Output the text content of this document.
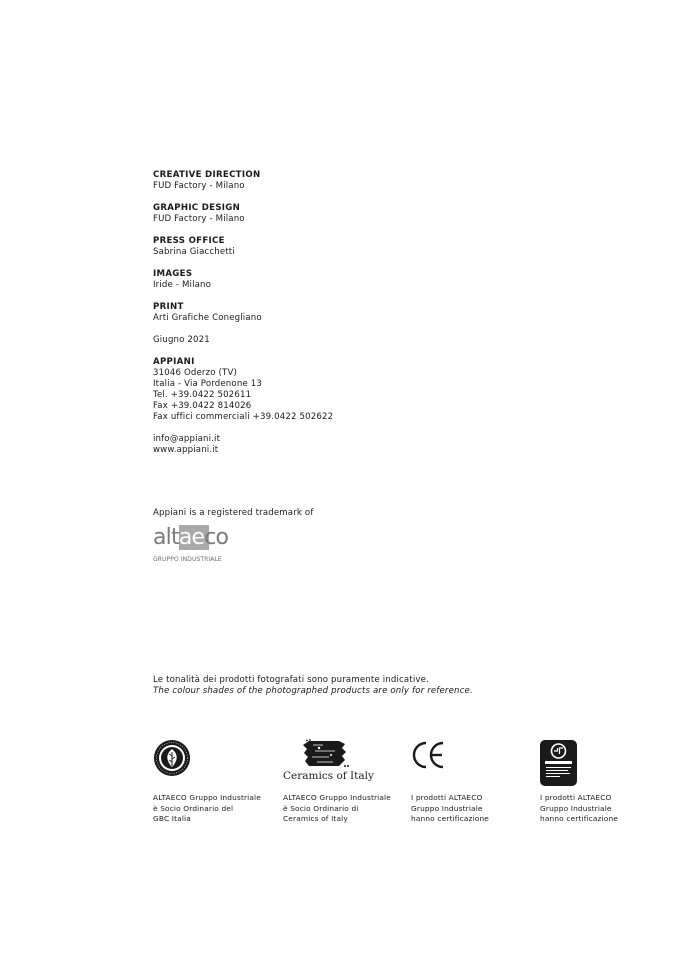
CREATIVE DIRECTION
FUD Factory - Milano
GRAPHIC DESIGN
FUD Factory - Milano
PRESS OFFICE
Sabrina Giacchetti
IMAGES
Iride - Milano
PRINT
Arti Grafiche Conegliano
Giugno 2021
APPIANI
31046 Oderzo (TV)
Italia - Via Pordenone 13
Tel. +39.0422 502611
Fax +39.0422 814026
Fax uffici commerciali +39.0422 502622
info@appiani.it
www.appiani.it
Appiani is a registered trademark of
altaeco
GRUPPO INDUSTRIALE
Le tonalità dei prodotti fotografati sono puramente indicative.
The colour shades of the photographed products are only for reference.
ALTAECO Gruppo Industriale
è Socio Ordinario del
GBC Italia
Ceramics of Italy
ALTAECO Gruppo Industriale
è Socio Ordinario di
Ceramics of Italy
I prodotti ALTAECO
Gruppo Industriale
hanno certificazione
I prodotti ALTAECO
Gruppo Industriale
hanno certificazione
